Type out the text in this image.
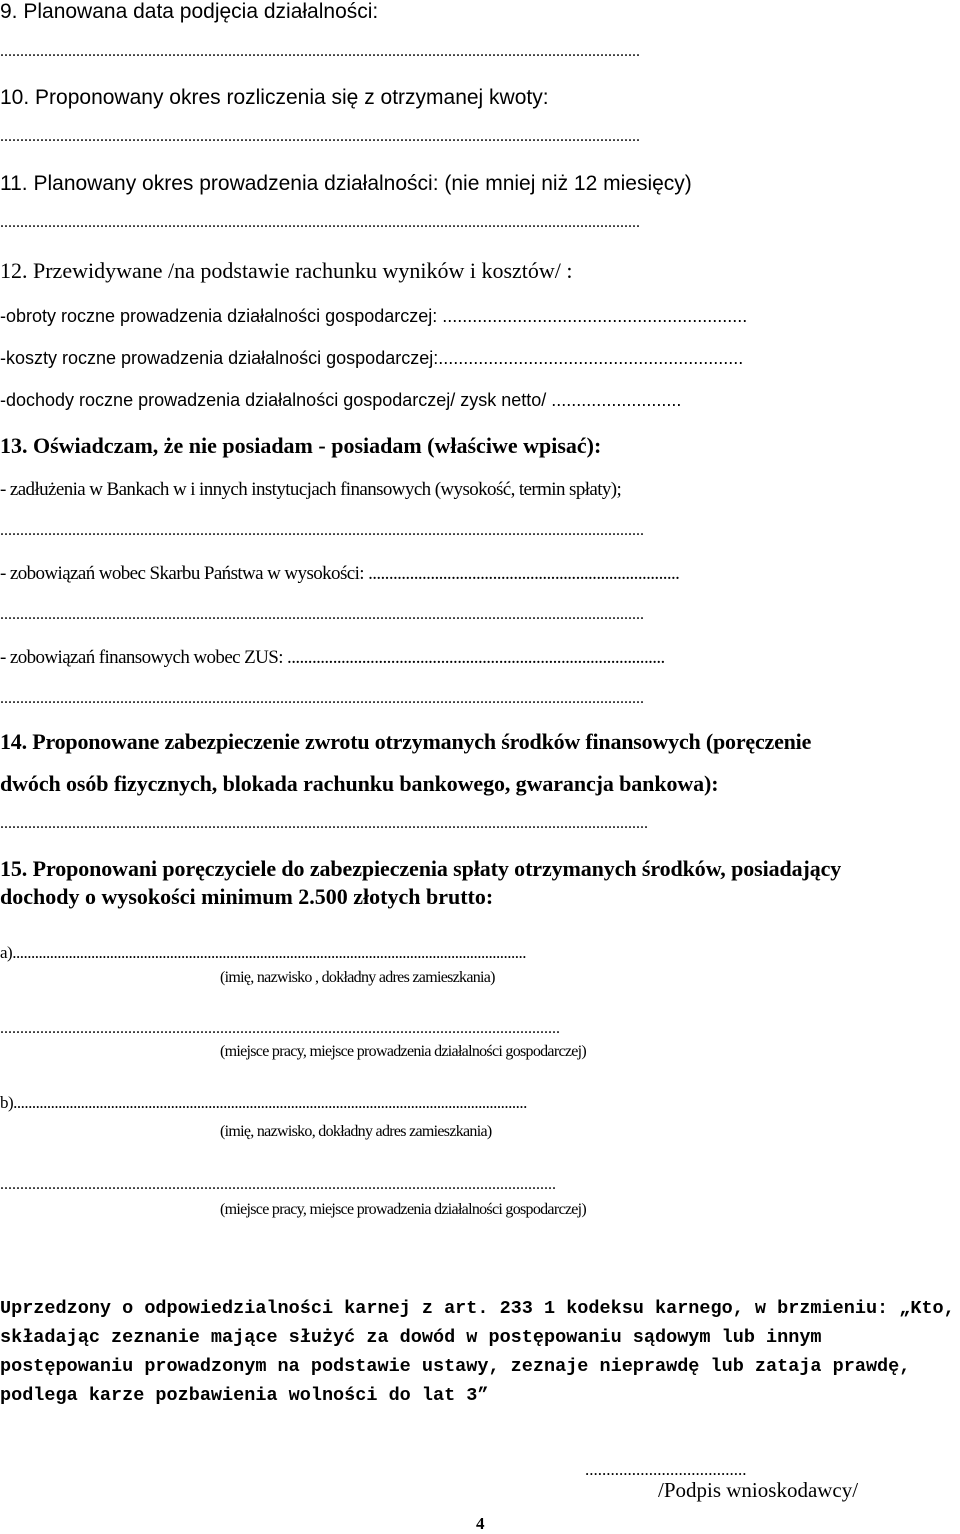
9. Planowana data podjęcia działalności:

................................................................................................................................................................

10. Proponowany okres rozliczenia się z otrzymanej kwoty:

................................................................................................................................................................

11. Planowany okres prowadzenia działalności: (nie mniej niż 12 miesięcy)

................................................................................................................................................................

12. Przewidywane /na podstawie rachunku wyników i kosztów/ :

-obroty roczne prowadzenia działalności gospodarczej: .............................................................

-koszty roczne prowadzenia działalności gospodarczej:.............................................................

-dochody roczne prowadzenia działalności gospodarczej/ zysk netto/ ..........................

13. Oświadczam, że nie posiadam - posiadam (właściwe wpisać):

- zadłużenia w Bankach w i innych instytucjach finansowych (wysokość, termin spłaty);

.................................................................................................................................................................

- zobowiązań wobec Skarbu Państwa w wysokości: ...........................................................................

.................................................................................................................................................................

- zobowiązań finansowych wobec ZUS: ...........................................................................................

.................................................................................................................................................................

14. Proponowane zabezpieczenie zwrotu otrzymanych środków finansowych (poręczenie

dwóch osób fizycznych, blokada rachunku bankowego, gwarancja bankowa):

..................................................................................................................................................................

15. Proponowani poręczyciele do zabezpieczenia spłaty otrzymanych środków, posiadający

dochody o wysokości minimum 2.500 złotych brutto:

a).........................................................................................................................................

(imię, nazwisko , dokładny adres zamieszkania)

............................................................................................................................................

(miejsce pracy, miejsce prowadzenia działalności gospodarczej)

b).........................................................................................................................................

(imię, nazwisko, dokładny adres zamieszkania)

...........................................................................................................................................

(miejsce pracy, miejsce prowadzenia działalności gospodarczej)

Uprzedzony o odpowiedzialności karnej z art. 233 1 kodeksu karnego, w brzmieniu: „Kto, składając zeznanie mające służyć za dowód w postępowaniu sądowym lub innym postępowaniu prowadzonym na podstawie ustawy, zeznaje nieprawdę lub zataja prawdę, podlega karze pozbawienia wolności do lat 3”

......................................

/Podpis wnioskodawcy/

4
